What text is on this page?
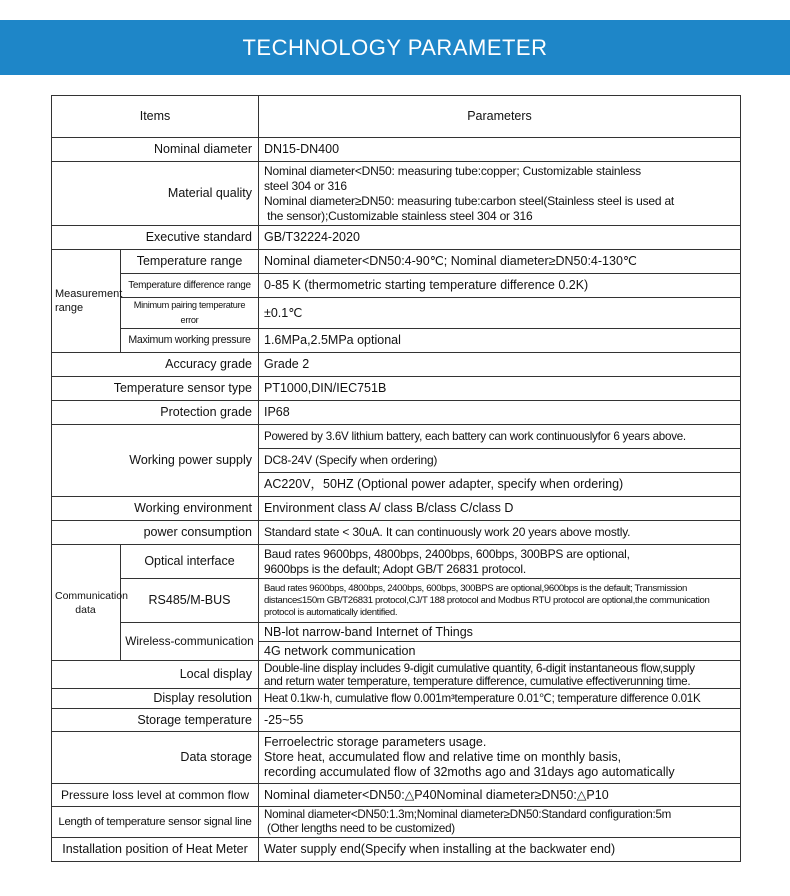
TECHNOLOGY PARAMETER
Items		Parameters
Nominal diameter		DN15-DN400
Material quality		Nominal diameter<DN50: measuring tube:copper; Customizable stainless
steel 304 or 316
Nominal diameter≥DN50: measuring tube:carbon steel(Stainless steel is used at
the sensor);Customizable stainless steel 304 or 316

Executive standard		GB/T32224-2020

Measurement
range	Temperature range	Nominal diameter<DN50:4-90℃; Nominal diameter≥DN50:4-130℃
	Temperature difference range	0-85 K (thermometric starting temperature difference 0.2K)
	Minimum pairing temperature error	±0.1℃
	Maximum working pressure	1.6MPa,2.5MPa optional
Accuracy grade		Grade 2
Temperature sensor type		PT1000,DIN/IEC751B
Protection grade		IP68
Working power supply		Powered by 3.6V lithium battery, each battery can work continuouslyfor 6 years above.
		DC8-24V (Specify when ordering)
		AC220V，50HZ (Optional power adapter, specify when ordering)
Working environment		Environment class A/ class B/class C/class D
power consumption		Standard state < 30uA. It can continuously work 20 years above mostly.

Communication
data	Optical interface	Baud rates 9600bps, 4800bps, 2400bps, 600bps, 300BPS are optional,
9600bps is the default; Adopt GB/T 26831 protocol.

	RS485/M-BUS	Baud rates 9600bps, 4800bps, 2400bps, 600bps, 300BPS are optional,9600bps is the default; Transmission
distance≤150m GB/T26831 protocol,CJ/T 188 protocol and Modbus RTU protocol are optional,the communication
protocol is automatically identified.

	Wireless-communication	NB-lot narrow-band Internet of Things
		4G network communication
Local display		Double-line display includes 9-digit cumulative quantity, 6-digit instantaneous flow,supply
and return water temperature, temperature difference, cumulative effectiverunning time.

Display resolution		Heat 0.1kw·h, cumulative flow 0.001m³temperature 0.01℃; temperature difference 0.01K
Storage temperature		-25~55
Data storage		Ferroelectric storage parameters usage.
Store heat, accumulated flow and relative time on monthly basis,
recording accumulated flow of 32moths ago and 31days ago automatically

Pressure loss level at common flow		Nominal diameter<DN50:△P40Nominal diameter≥DN50:△P10
Length of temperature sensor signal line		Nominal diameter<DN50:1.3m;Nominal diameter≥DN50:Standard configuration:5m
(Other lengths need to be customized)

Installation position of Heat Meter		Water supply end(Specify when installing at the backwater end)
